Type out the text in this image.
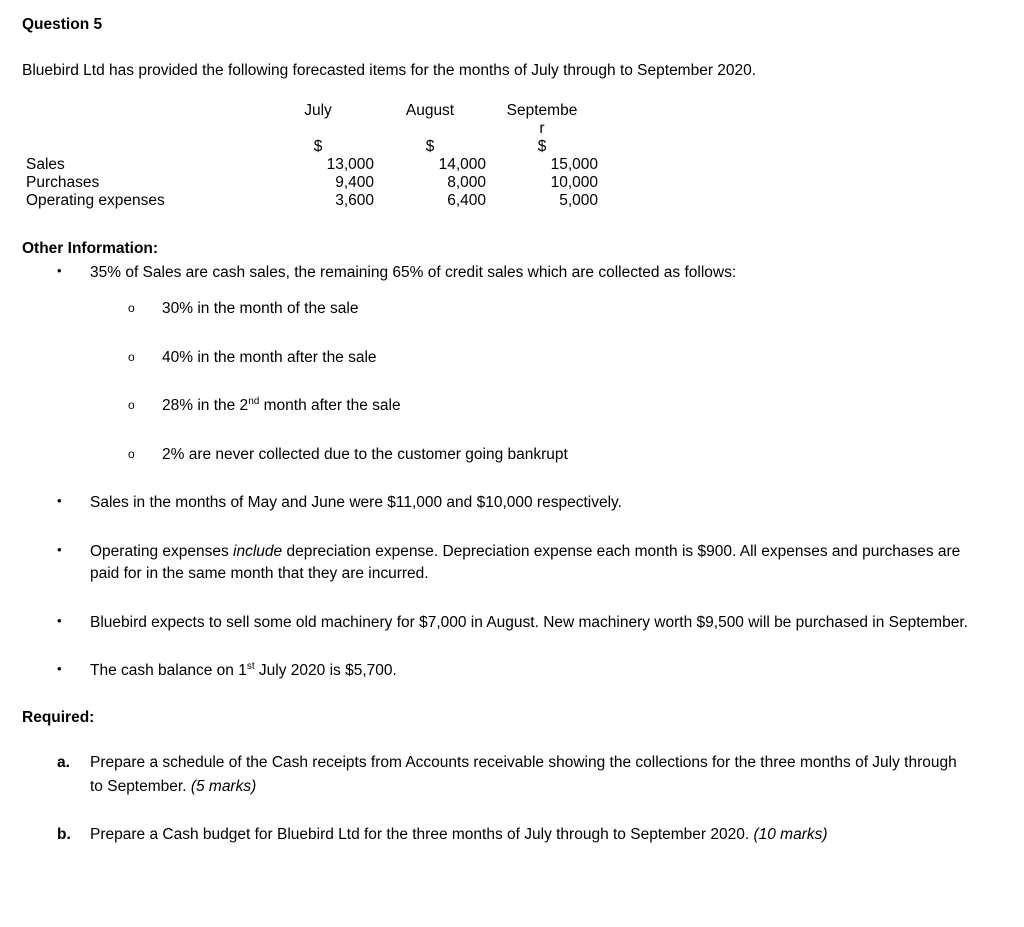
Question 5

Bluebird Ltd has provided the following forecasted items for the months of July through to September 2020.

	July	August	September
	$	$	$
Sales	13,000	14,000	15,000
Purchases	9,400	8,000	10,000
Operating expenses	3,600	6,400	5,000
Other Information:
•	35% of Sales are cash sales, the remaining 65% of credit sales which are collected as follows:
o	30% in the month of the sale
o	40% in the month after the sale
o	28% in the 2nd month after the sale
o	2% are never collected due to the customer going bankrupt
•	Sales in the months of May and June were $11,000 and $10,000 respectively.
•	Operating expenses include depreciation expense. Depreciation expense each month is $900. All expenses and purchases are paid for in the same month that they are incurred.
•	Bluebird expects to sell some old machinery for $7,000 in August. New machinery worth $9,500 will be purchased in September.
•	The cash balance on 1st July 2020 is $5,700.
Required:
a.	Prepare a schedule of the Cash receipts from Accounts receivable showing the collections for the three months of July through to September. (5 marks)
b.	Prepare a Cash budget for Bluebird Ltd for the three months of July through to September 2020. (10 marks)
